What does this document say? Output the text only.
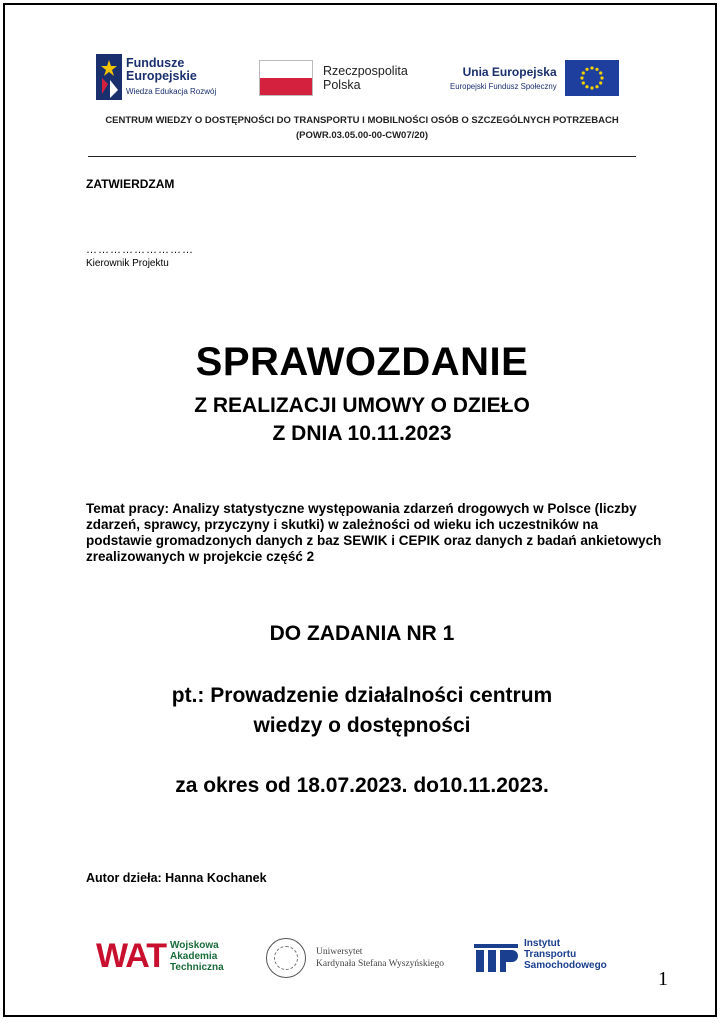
Fundusze
Europejskie
Wiedza Edukacja Rozwój
Rzeczpospolita
Polska
Unia Europejska
Europejski Fundusz Społeczny
CENTRUM WIEDZY O DOSTĘPNOŚCI DO TRANSPORTU I MOBILNOŚCI OSÓB O SZCZEGÓLNYCH POTRZEBACH
(POWR.03.05.00-00-CW07/20)
ZATWIERDZAM
………………………
Kierownik Projektu
SPRAWOZDANIE
Z REALIZACJI UMOWY O DZIEŁO
Z DNIA 10.11.2023
Temat pracy: Analizy statystyczne występowania zdarzeń drogowych w Polsce (liczby zdarzeń, sprawcy, przyczyny i skutki) w zależności od wieku ich uczestników na podstawie gromadzonych danych z baz SEWIK i CEPIK oraz danych z badań ankietowych zrealizowanych w projekcie część 2
DO ZADANIA NR 1
pt.: Prowadzenie działalności centrum
wiedzy o dostępności
za okres od 18.07.2023. do10.11.2023.
Autor dzieła: Hanna Kochanek
WAT Wojskowa
Akademia
Techniczna
Uniwersytet
Kardynała Stefana Wyszyńskiego
Instytut
Transportu
Samochodowego
1
